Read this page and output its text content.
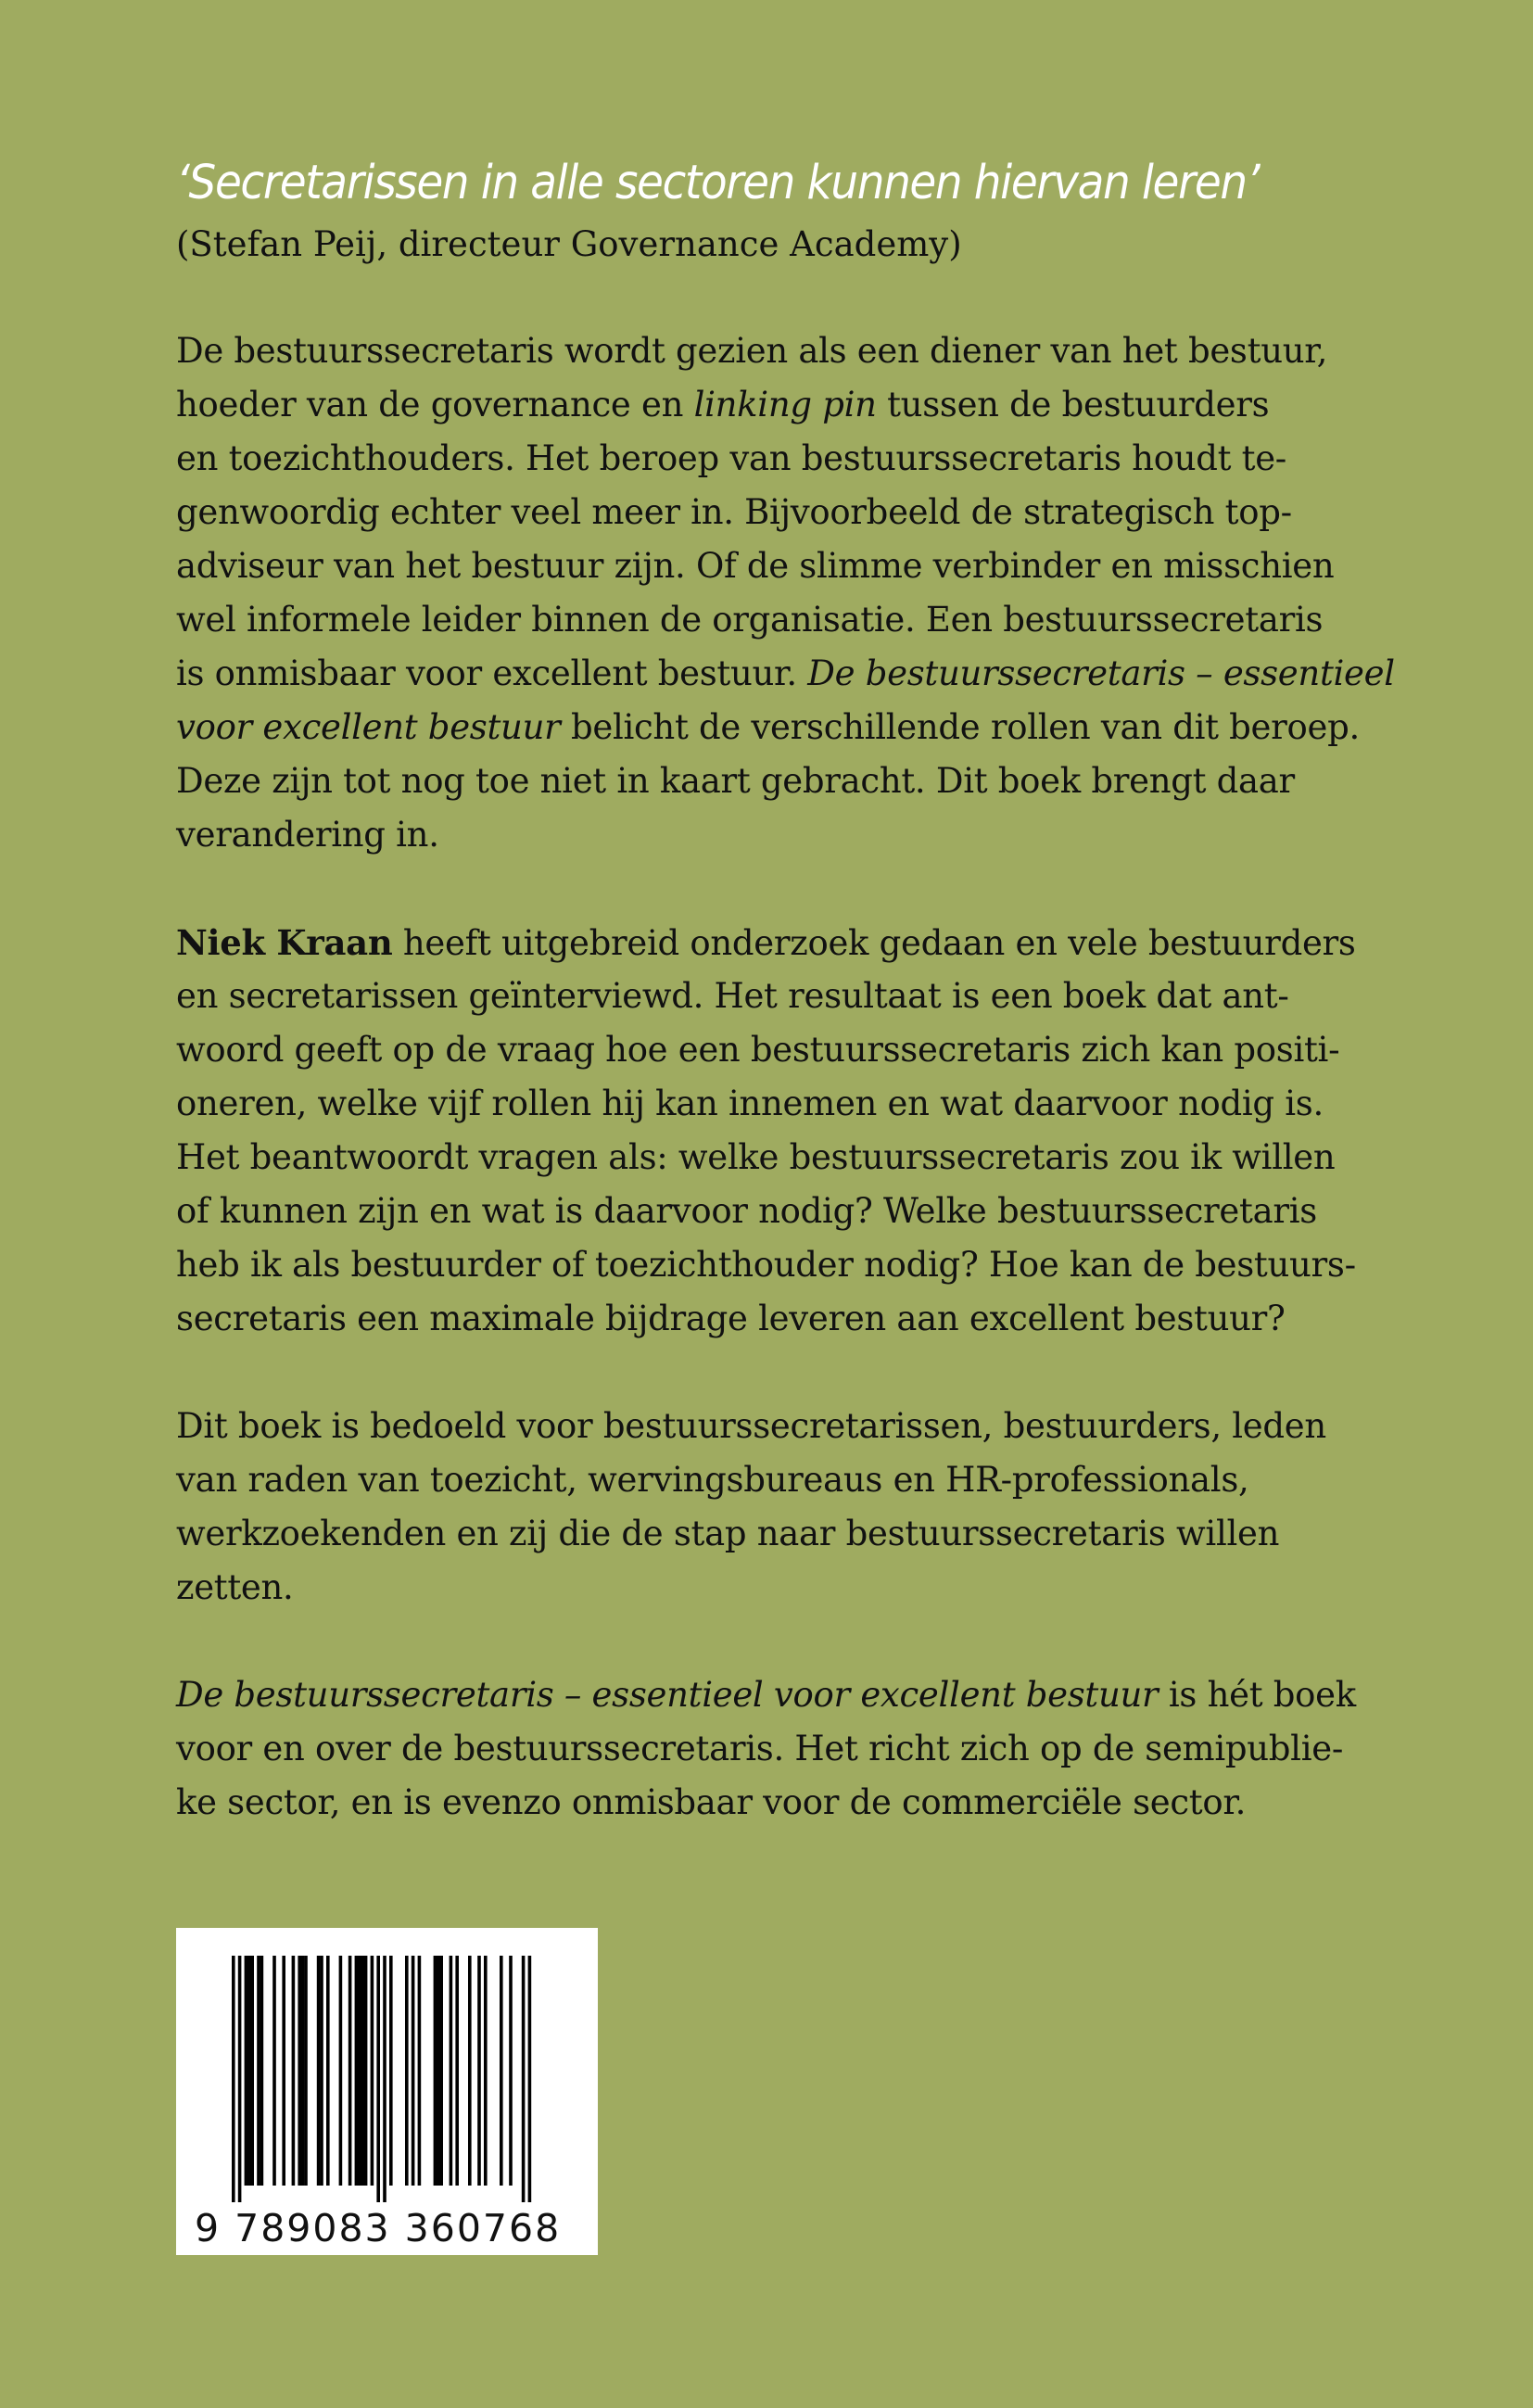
‘Secretarissen in alle sectoren kunnen hiervan leren’
(Stefan Peij, directeur Governance Academy)
De bestuurssecretaris wordt gezien als een diener van het bestuur,
hoeder van de governance en linking pin tussen de bestuurders
en toezichthouders. Het beroep van bestuurssecretaris houdt te-
genwoordig echter veel meer in. Bijvoorbeeld de strategisch top-
adviseur van het bestuur zijn. Of de slimme verbinder en misschien
wel informele leider binnen de organisatie. Een bestuurssecretaris
is onmisbaar voor excellent bestuur. De bestuurssecretaris – essentieel
voor excellent bestuur belicht de verschillende rollen van dit beroep.
Deze zijn tot nog toe niet in kaart gebracht. Dit boek brengt daar
verandering in.
Niek Kraan heeft uitgebreid onderzoek gedaan en vele bestuurders
en secretarissen geïnterviewd. Het resultaat is een boek dat ant-
woord geeft op de vraag hoe een bestuurssecretaris zich kan positi-
oneren, welke vijf rollen hij kan innemen en wat daarvoor nodig is.
Het beantwoordt vragen als: welke bestuurssecretaris zou ik willen
of kunnen zijn en wat is daarvoor nodig? Welke bestuurssecretaris
heb ik als bestuurder of toezichthouder nodig? Hoe kan de bestuurs-
secretaris een maximale bijdrage leveren aan excellent bestuur?
Dit boek is bedoeld voor bestuurssecretarissen, bestuurders, leden
van raden van toezicht, wervingsbureaus en HR-professionals,
werkzoekenden en zij die de stap naar bestuurssecretaris willen
zetten.
De bestuurssecretaris – essentieel voor excellent bestuur is hét boek
voor en over de bestuurssecretaris. Het richt zich op de semipublie-
ke sector, en is evenzo onmisbaar voor de commerciële sector.
9 789083 360768
